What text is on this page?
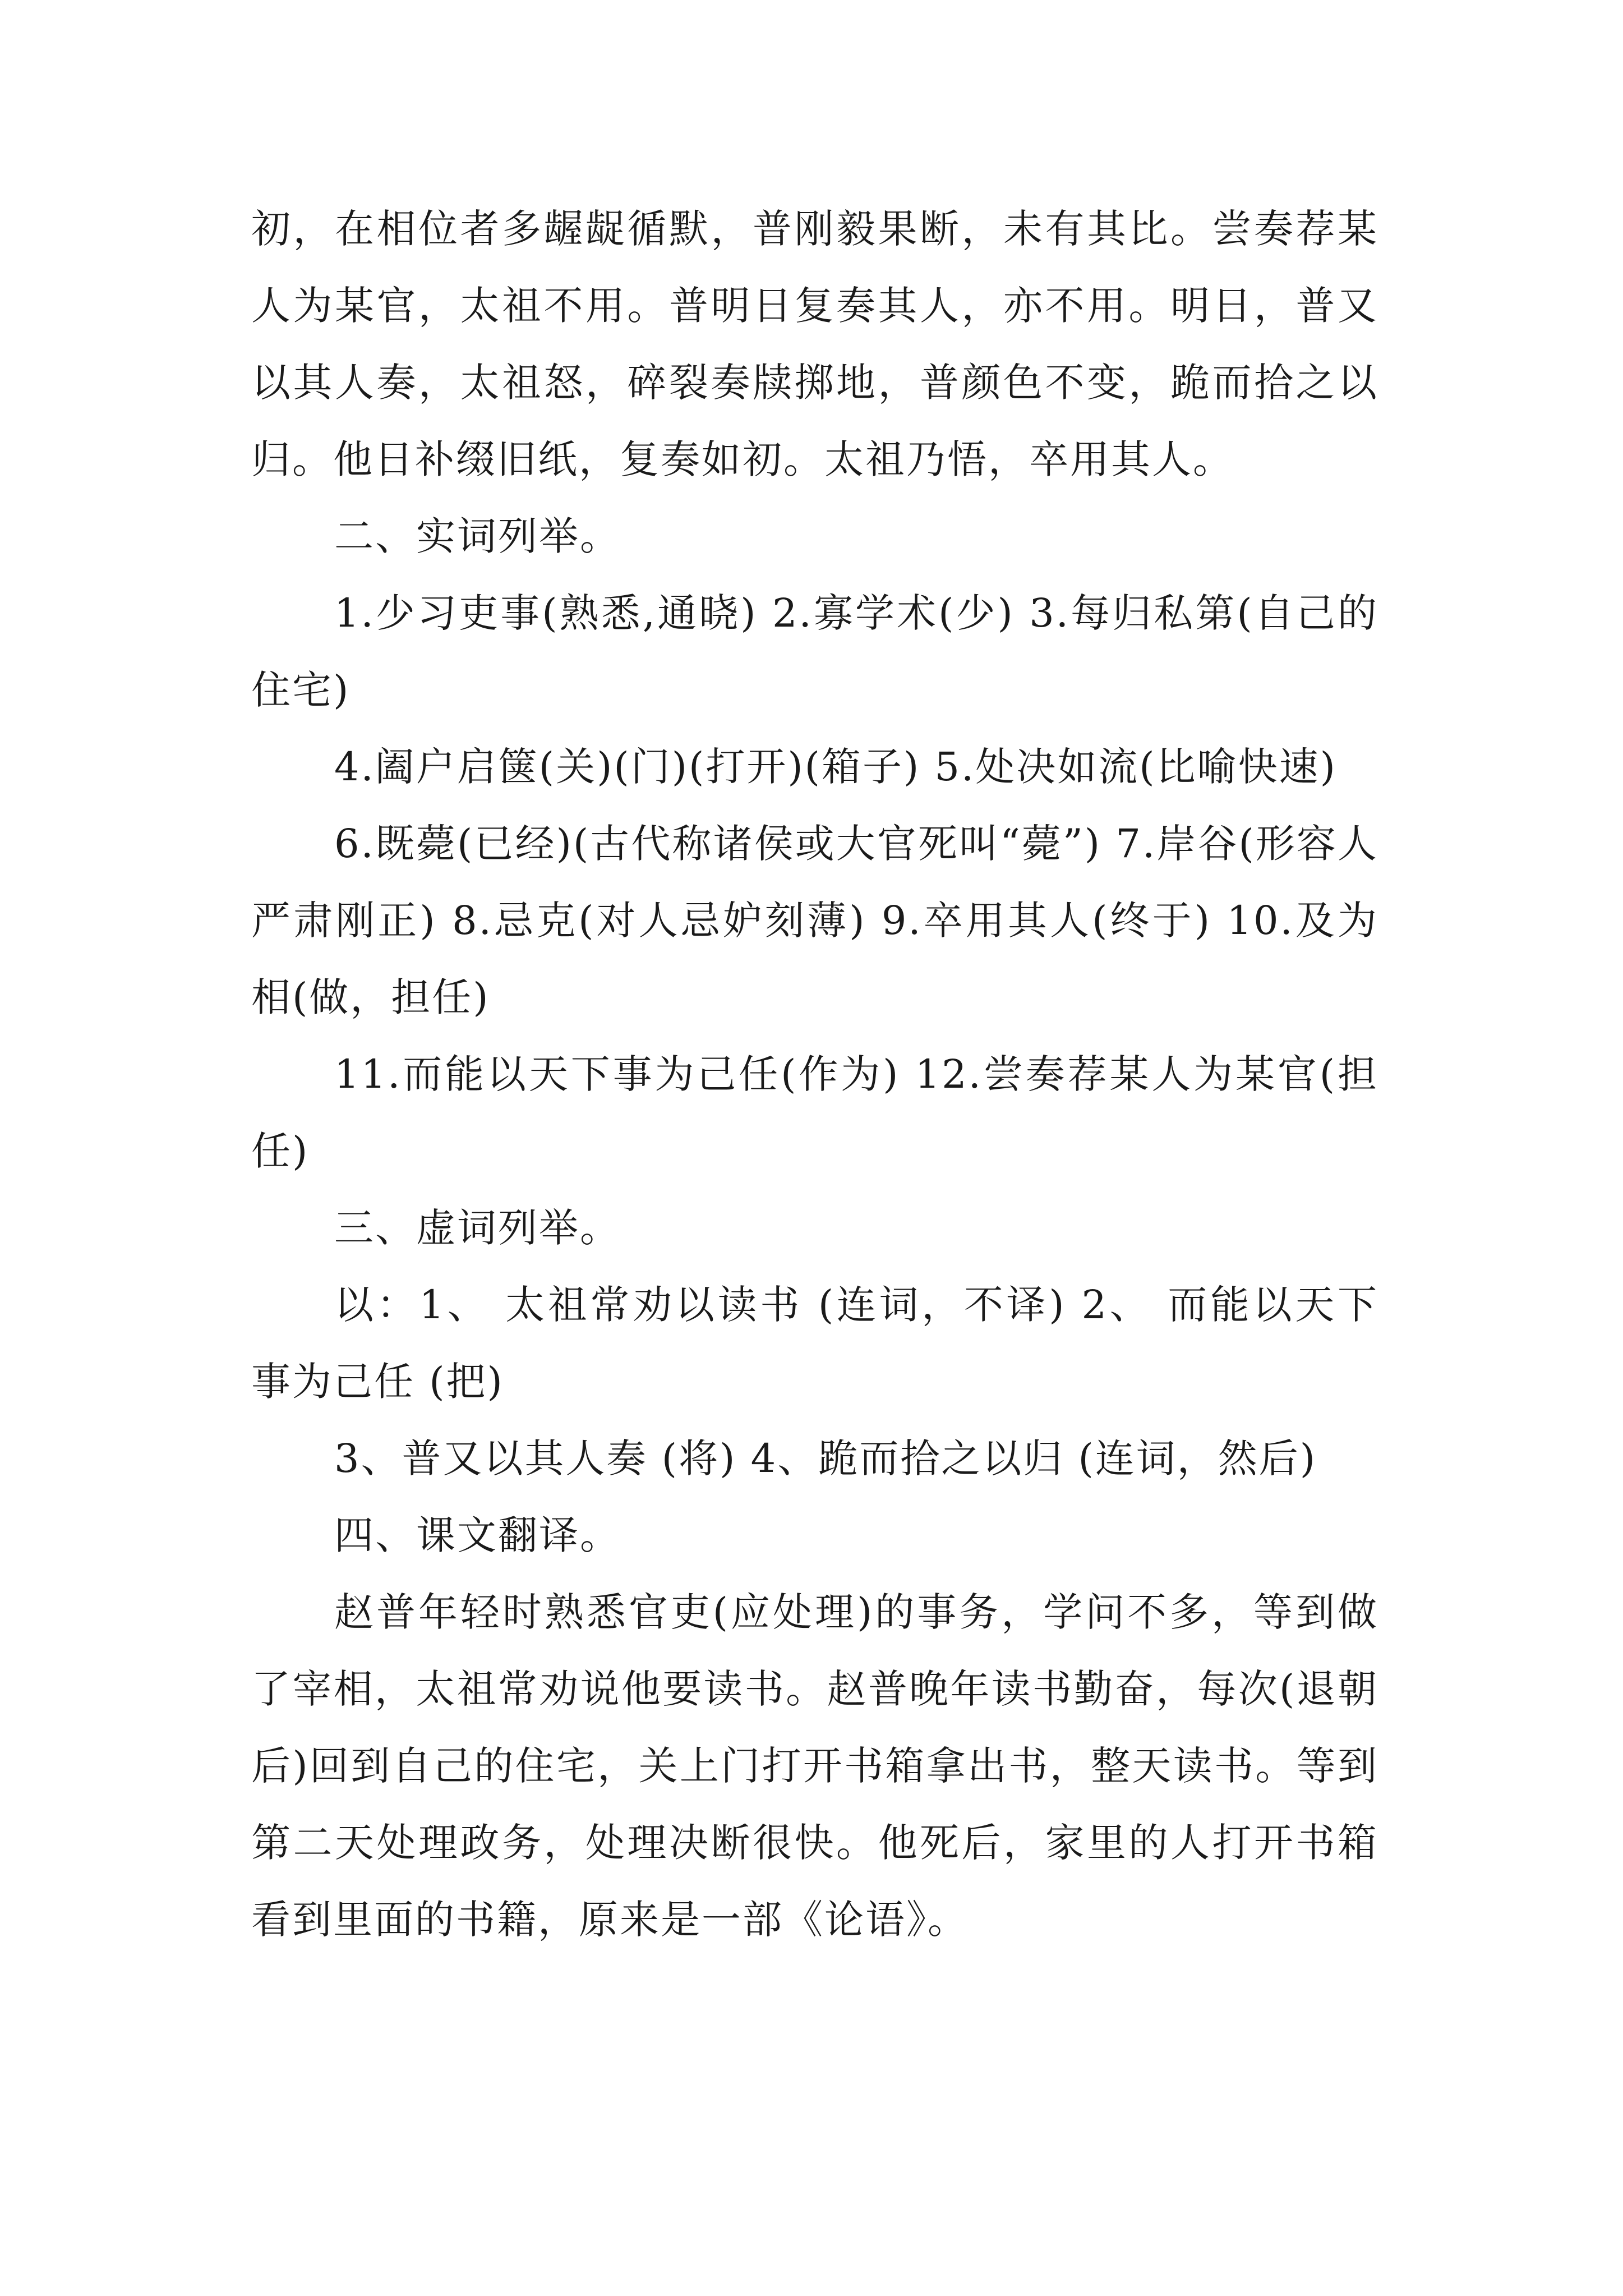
初，在相位者多龌龊循默，普刚毅果断，未有其比。尝奏荐某人为某官，太祖不用。普明日复奏其人，亦不用。明日，普又以其人奏，太祖怒，碎裂奏牍掷地，普颜色不变，跪而拾之以归。他日补缀旧纸，复奏如初。太祖乃悟，卒用其人。

二、实词列举。

1.少习吏事(熟悉,通晓) 2.寡学术(少) 3.每归私第(自己的住宅)

4.阖户启箧(关)(门)(打开)(箱子) 5.处决如流(比喻快速)

6.既薨(已经)(古代称诸侯或大官死叫“薨”) 7.岸谷(形容人严肃刚正) 8.忌克(对人忌妒刻薄) 9.卒用其人(终于) 10.及为相(做，担任)

11.而能以天下事为己任(作为) 12.尝奏荐某人为某官(担任)

三、虚词列举。

以：1、 太祖常劝以读书 (连词，不译) 2、 而能以天下事为己任 (把)

3、普又以其人奏 (将) 4、跪而拾之以归 (连词，然后)

四、课文翻译。

赵普年轻时熟悉官吏(应处理)的事务，学问不多，等到做了宰相，太祖常劝说他要读书。赵普晚年读书勤奋，每次(退朝后)回到自己的住宅，关上门打开书箱拿出书，整天读书。等到第二天处理政务，处理决断很快。他死后，家里的人打开书箱看到里面的书籍，原来是一部《论语》。
